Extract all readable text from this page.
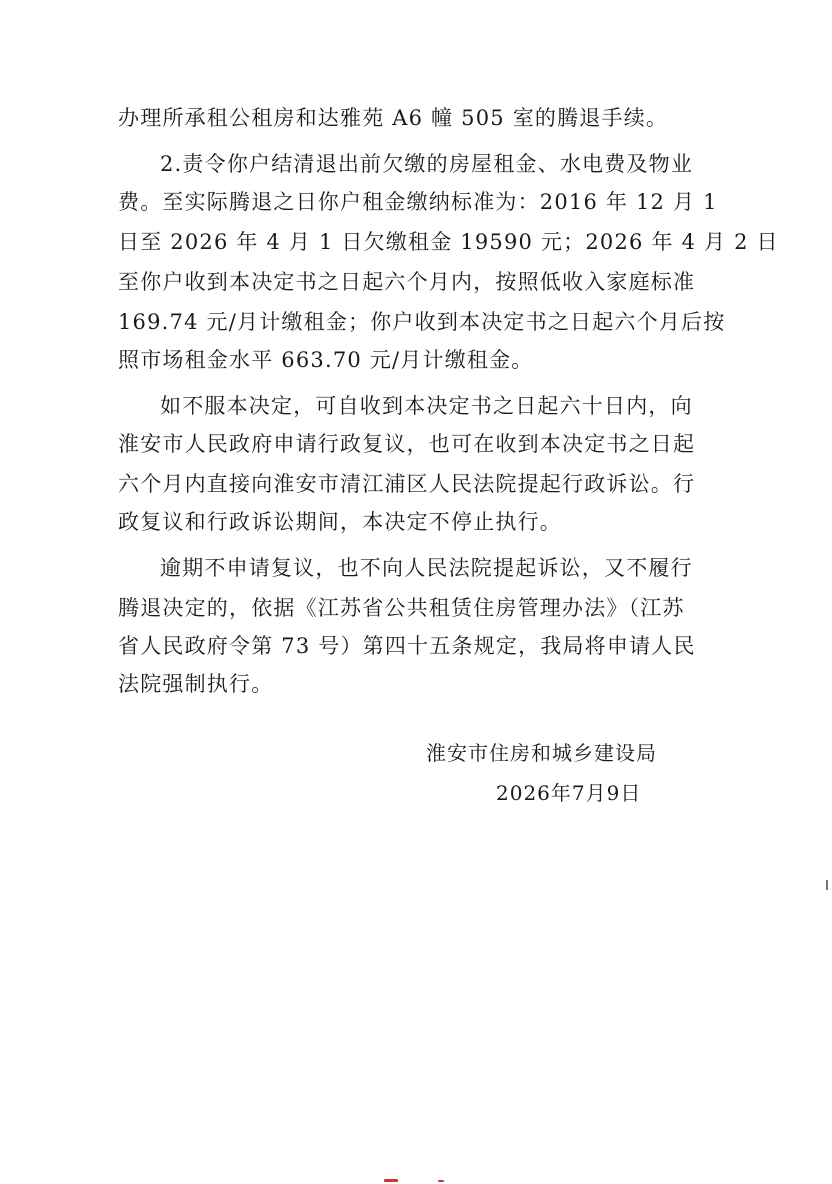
办理所承租公租房和达雅苑 A6 幢 505 室的腾退手续。
2.责令你户结清退出前欠缴的房屋租金、水电费及物业
费。至实际腾退之日你户租金缴纳标准为：2016 年 12 月 1
日至 2026 年 4 月 1 日欠缴租金 19590 元；2026 年 4 月 2 日
至你户收到本决定书之日起六个月内，按照低收入家庭标准
169.74 元/月计缴租金；你户收到本决定书之日起六个月后按
照市场租金水平 663.70 元/月计缴租金。
如不服本决定，可自收到本决定书之日起六十日内，向
淮安市人民政府申请行政复议，也可在收到本决定书之日起
六个月内直接向淮安市清江浦区人民法院提起行政诉讼。行
政复议和行政诉讼期间，本决定不停止执行。
逾期不申请复议，也不向人民法院提起诉讼，又不履行
腾退决定的，依据《江苏省公共租赁住房管理办法》（江苏
省人民政府令第 73 号）第四十五条规定，我局将申请人民
法院强制执行。
淮安市住房和城乡建设局
2026年7月9日
